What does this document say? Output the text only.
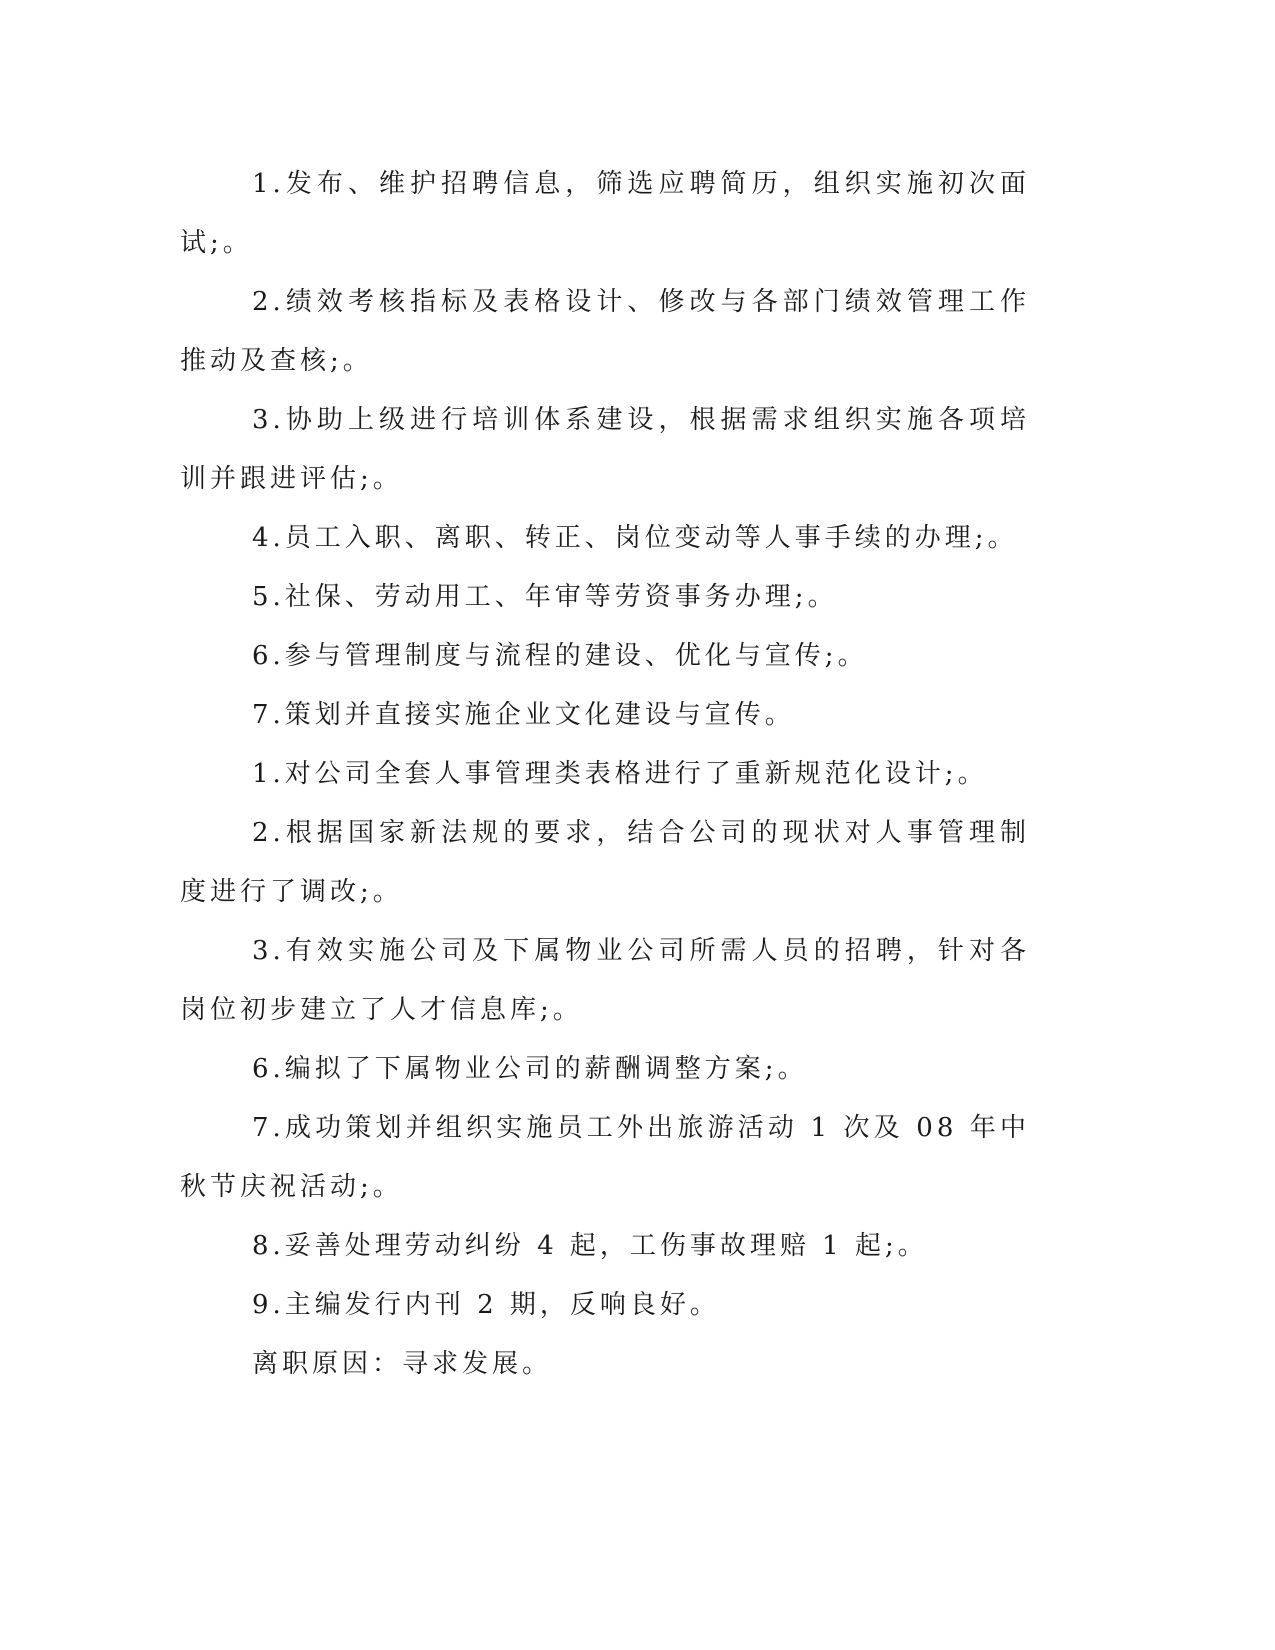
1.发布、维护招聘信息，筛选应聘简历，组织实施初次面试;。

2.绩效考核指标及表格设计、修改与各部门绩效管理工作推动及查核;。

3.协助上级进行培训体系建设，根据需求组织实施各项培训并跟进评估;。

4.员工入职、离职、转正、岗位变动等人事手续的办理;。

5.社保、劳动用工、年审等劳资事务办理;。

6.参与管理制度与流程的建设、优化与宣传;。

7.策划并直接实施企业文化建设与宣传。

1.对公司全套人事管理类表格进行了重新规范化设计;。

2.根据国家新法规的要求，结合公司的现状对人事管理制度进行了调改;。

3.有效实施公司及下属物业公司所需人员的招聘，针对各岗位初步建立了人才信息库;。

6.编拟了下属物业公司的薪酬调整方案;。

7.成功策划并组织实施员工外出旅游活动 1 次及 08 年中秋节庆祝活动;。

8.妥善处理劳动纠纷 4 起，工伤事故理赔 1 起;。

9.主编发行内刊 2 期，反响良好。

离职原因：寻求发展。
